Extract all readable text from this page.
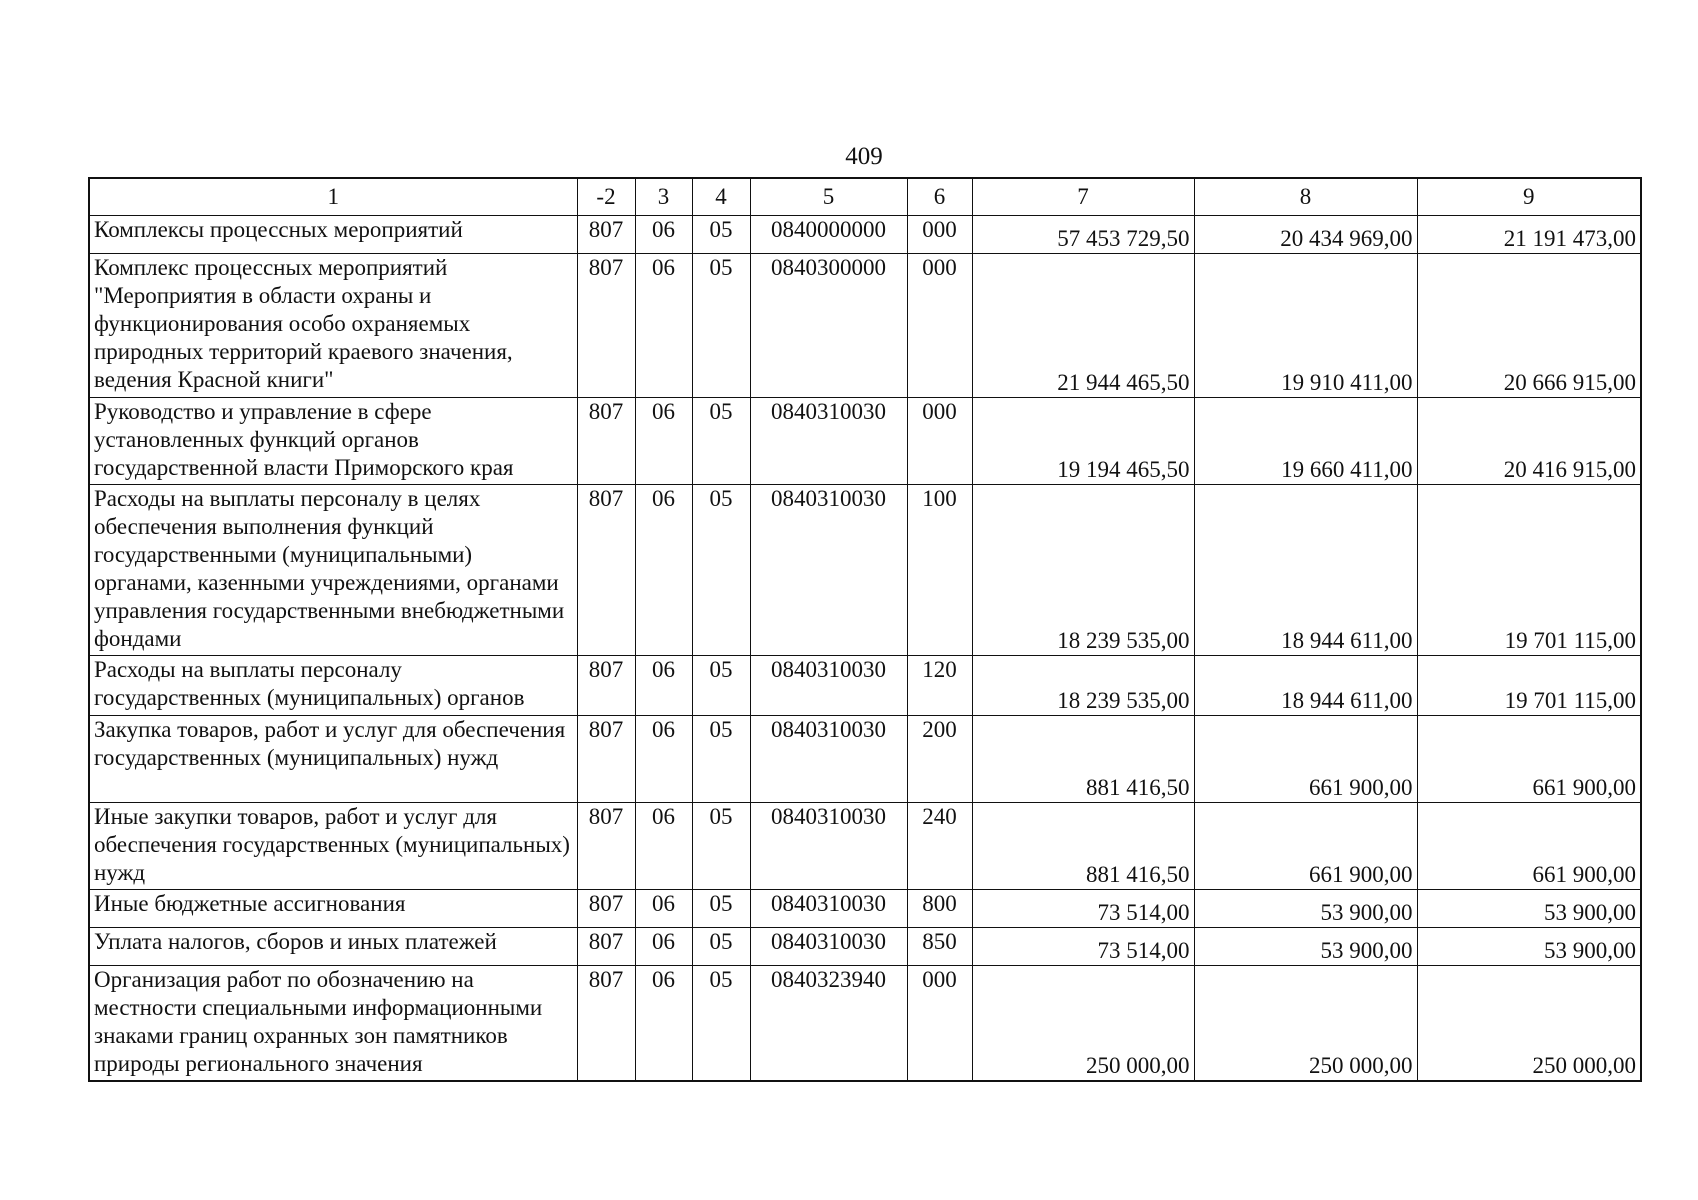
409
1	-2	3	4	5	6	7	8	9
Комплексы процессных мероприятий	807	06	05	0840000000	000	57 453 729,50	20 434 969,00	21 191 473,00
Комплекс процессных мероприятий "Мероприятия в области охраны и функционирования особо охраняемых природных территорий краевого значения, ведения Красной книги"	807	06	05	0840300000	000	21 944 465,50	19 910 411,00	20 666 915,00
Руководство и управление в сфере установленных функций органов государственной власти Приморского края	807	06	05	0840310030	000	19 194 465,50	19 660 411,00	20 416 915,00
Расходы на выплаты персоналу в целях обеспечения выполнения функций государственными (муниципальными) органами, казенными учреждениями, органами управления государственными внебюджетными фондами	807	06	05	0840310030	100	18 239 535,00	18 944 611,00	19 701 115,00
Расходы на выплаты персоналу государственных (муниципальных) органов	807	06	05	0840310030	120	18 239 535,00	18 944 611,00	19 701 115,00
Закупка товаров, работ и услуг для обеспечения государственных (муниципальных) нужд	807	06	05	0840310030	200	881 416,50	661 900,00	661 900,00
Иные закупки товаров, работ и услуг для обеспечения государственных (муниципальных) нужд	807	06	05	0840310030	240	881 416,50	661 900,00	661 900,00
Иные бюджетные ассигнования	807	06	05	0840310030	800	73 514,00	53 900,00	53 900,00
Уплата налогов, сборов и иных платежей	807	06	05	0840310030	850	73 514,00	53 900,00	53 900,00
Организация работ по обозначению на местности специальными информационными знаками границ охранных зон памятников природы регионального значения	807	06	05	0840323940	000	250 000,00	250 000,00	250 000,00
